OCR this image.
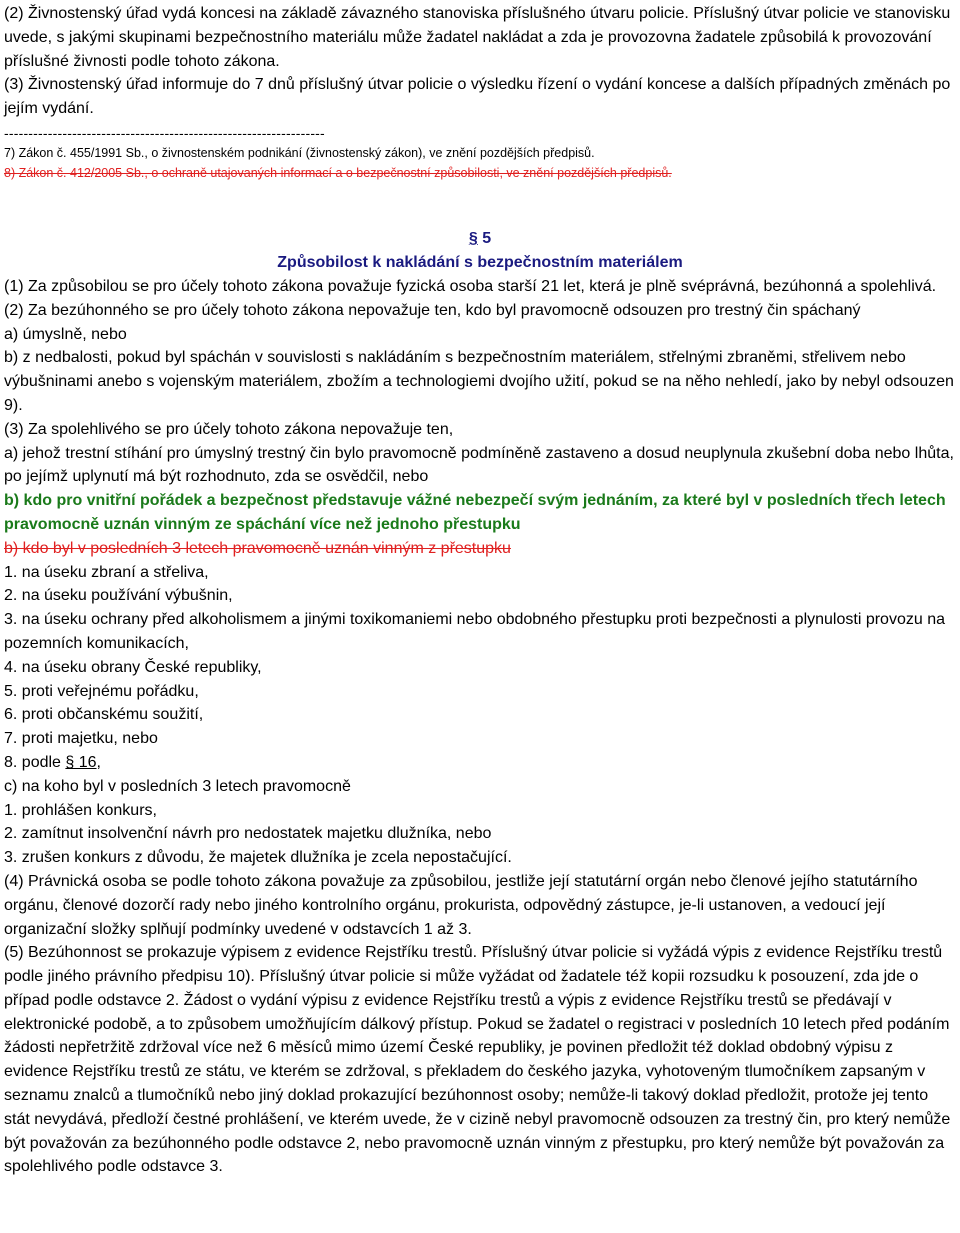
(2) Živnostenský úřad vydá koncesi na základě závazného stanoviska příslušného útvaru policie. Příslušný útvar policie ve stanovisku uvede, s jakými skupinami bezpečnostního materiálu může žadatel nakládat a zda je provozovna žadatele způsobilá k provozování příslušné živnosti podle tohoto zákona.

(3) Živnostenský úřad informuje do 7 dnů příslušný útvar policie o výsledku řízení o vydání koncese a dalších případných změnách po jejím vydání.

------------------------------------------------------------------

7) Zákon č. 455/1991 Sb., o živnostenském podnikání (živnostenský zákon), ve znění pozdějších předpisů.

8) Zákon č. 412/2005 Sb., o ochraně utajovaných informací a o bezpečnostní způsobilosti, ve znění pozdějších předpisů.

§ 5
Způsobilost k nakládání s bezpečnostním materiálem

(1) Za způsobilou se pro účely tohoto zákona považuje fyzická osoba starší 21 let, která je plně svéprávná, bezúhonná a spolehlivá.

(2) Za bezúhonného se pro účely tohoto zákona nepovažuje ten, kdo byl pravomocně odsouzen pro trestný čin spáchaný

a) úmyslně, nebo

b) z nedbalosti, pokud byl spáchán v souvislosti s nakládáním s bezpečnostním materiálem, střelnými zbraněmi, střelivem nebo výbušninami anebo s vojenským materiálem, zbožím a technologiemi dvojího užití, pokud se na něho nehledí, jako by nebyl odsouzen 9).

(3) Za spolehlivého se pro účely tohoto zákona nepovažuje ten,

a) jehož trestní stíhání pro úmyslný trestný čin bylo pravomocně podmíněně zastaveno a dosud neuplynula zkušební doba nebo lhůta, po jejímž uplynutí má být rozhodnuto, zda se osvědčil, nebo

b) kdo pro vnitřní pořádek a bezpečnost představuje vážné nebezpečí svým jednáním, za které byl v posledních třech letech pravomocně uznán vinným ze spáchání více než jednoho přestupku

b) kdo byl v posledních 3 letech pravomocně uznán vinným z přestupku

1. na úseku zbraní a střeliva,

2. na úseku používání výbušnin,

3. na úseku ochrany před alkoholismem a jinými toxikomaniemi nebo obdobného přestupku proti bezpečnosti a plynulosti provozu na pozemních komunikacích,

4. na úseku obrany České republiky,

5. proti veřejnému pořádku,

6. proti občanskému soužití,

7. proti majetku, nebo

8. podle § 16,

c) na koho byl v posledních 3 letech pravomocně

1. prohlášen konkurs,

2. zamítnut insolvenční návrh pro nedostatek majetku dlužníka, nebo

3. zrušen konkurs z důvodu, že majetek dlužníka je zcela nepostačující.

(4) Právnická osoba se podle tohoto zákona považuje za způsobilou, jestliže její statutární orgán nebo členové jejího statutárního orgánu, členové dozorčí rady nebo jiného kontrolního orgánu, prokurista, odpovědný zástupce, je-li ustanoven, a vedoucí její organizační složky splňují podmínky uvedené v odstavcích 1 až 3.

(5) Bezúhonnost se prokazuje výpisem z evidence Rejstříku trestů. Příslušný útvar policie si vyžádá výpis z evidence Rejstříku trestů podle jiného právního předpisu 10). Příslušný útvar policie si může vyžádat od žadatele též kopii rozsudku k posouzení, zda jde o případ podle odstavce 2. Žádost o vydání výpisu z evidence Rejstříku trestů a výpis z evidence Rejstříku trestů se předávají v elektronické podobě, a to způsobem umožňujícím dálkový přístup. Pokud se žadatel o registraci v posledních 10 letech před podáním žádosti nepřetržitě zdržoval více než 6 měsíců mimo území České republiky, je povinen předložit též doklad obdobný výpisu z evidence Rejstříku trestů ze státu, ve kterém se zdržoval, s překladem do českého jazyka, vyhotoveným tlumočníkem zapsaným v seznamu znalců a tlumočníků nebo jiný doklad prokazující bezúhonnost osoby; nemůže-li takový doklad předložit, protože jej tento stát nevydává, předloží čestné prohlášení, ve kterém uvede, že v cizině nebyl pravomocně odsouzen za trestný čin, pro který nemůže být považován za bezúhonného podle odstavce 2, nebo pravomocně uznán vinným z přestupku, pro který nemůže být považován za spolehlivého podle odstavce 3.
